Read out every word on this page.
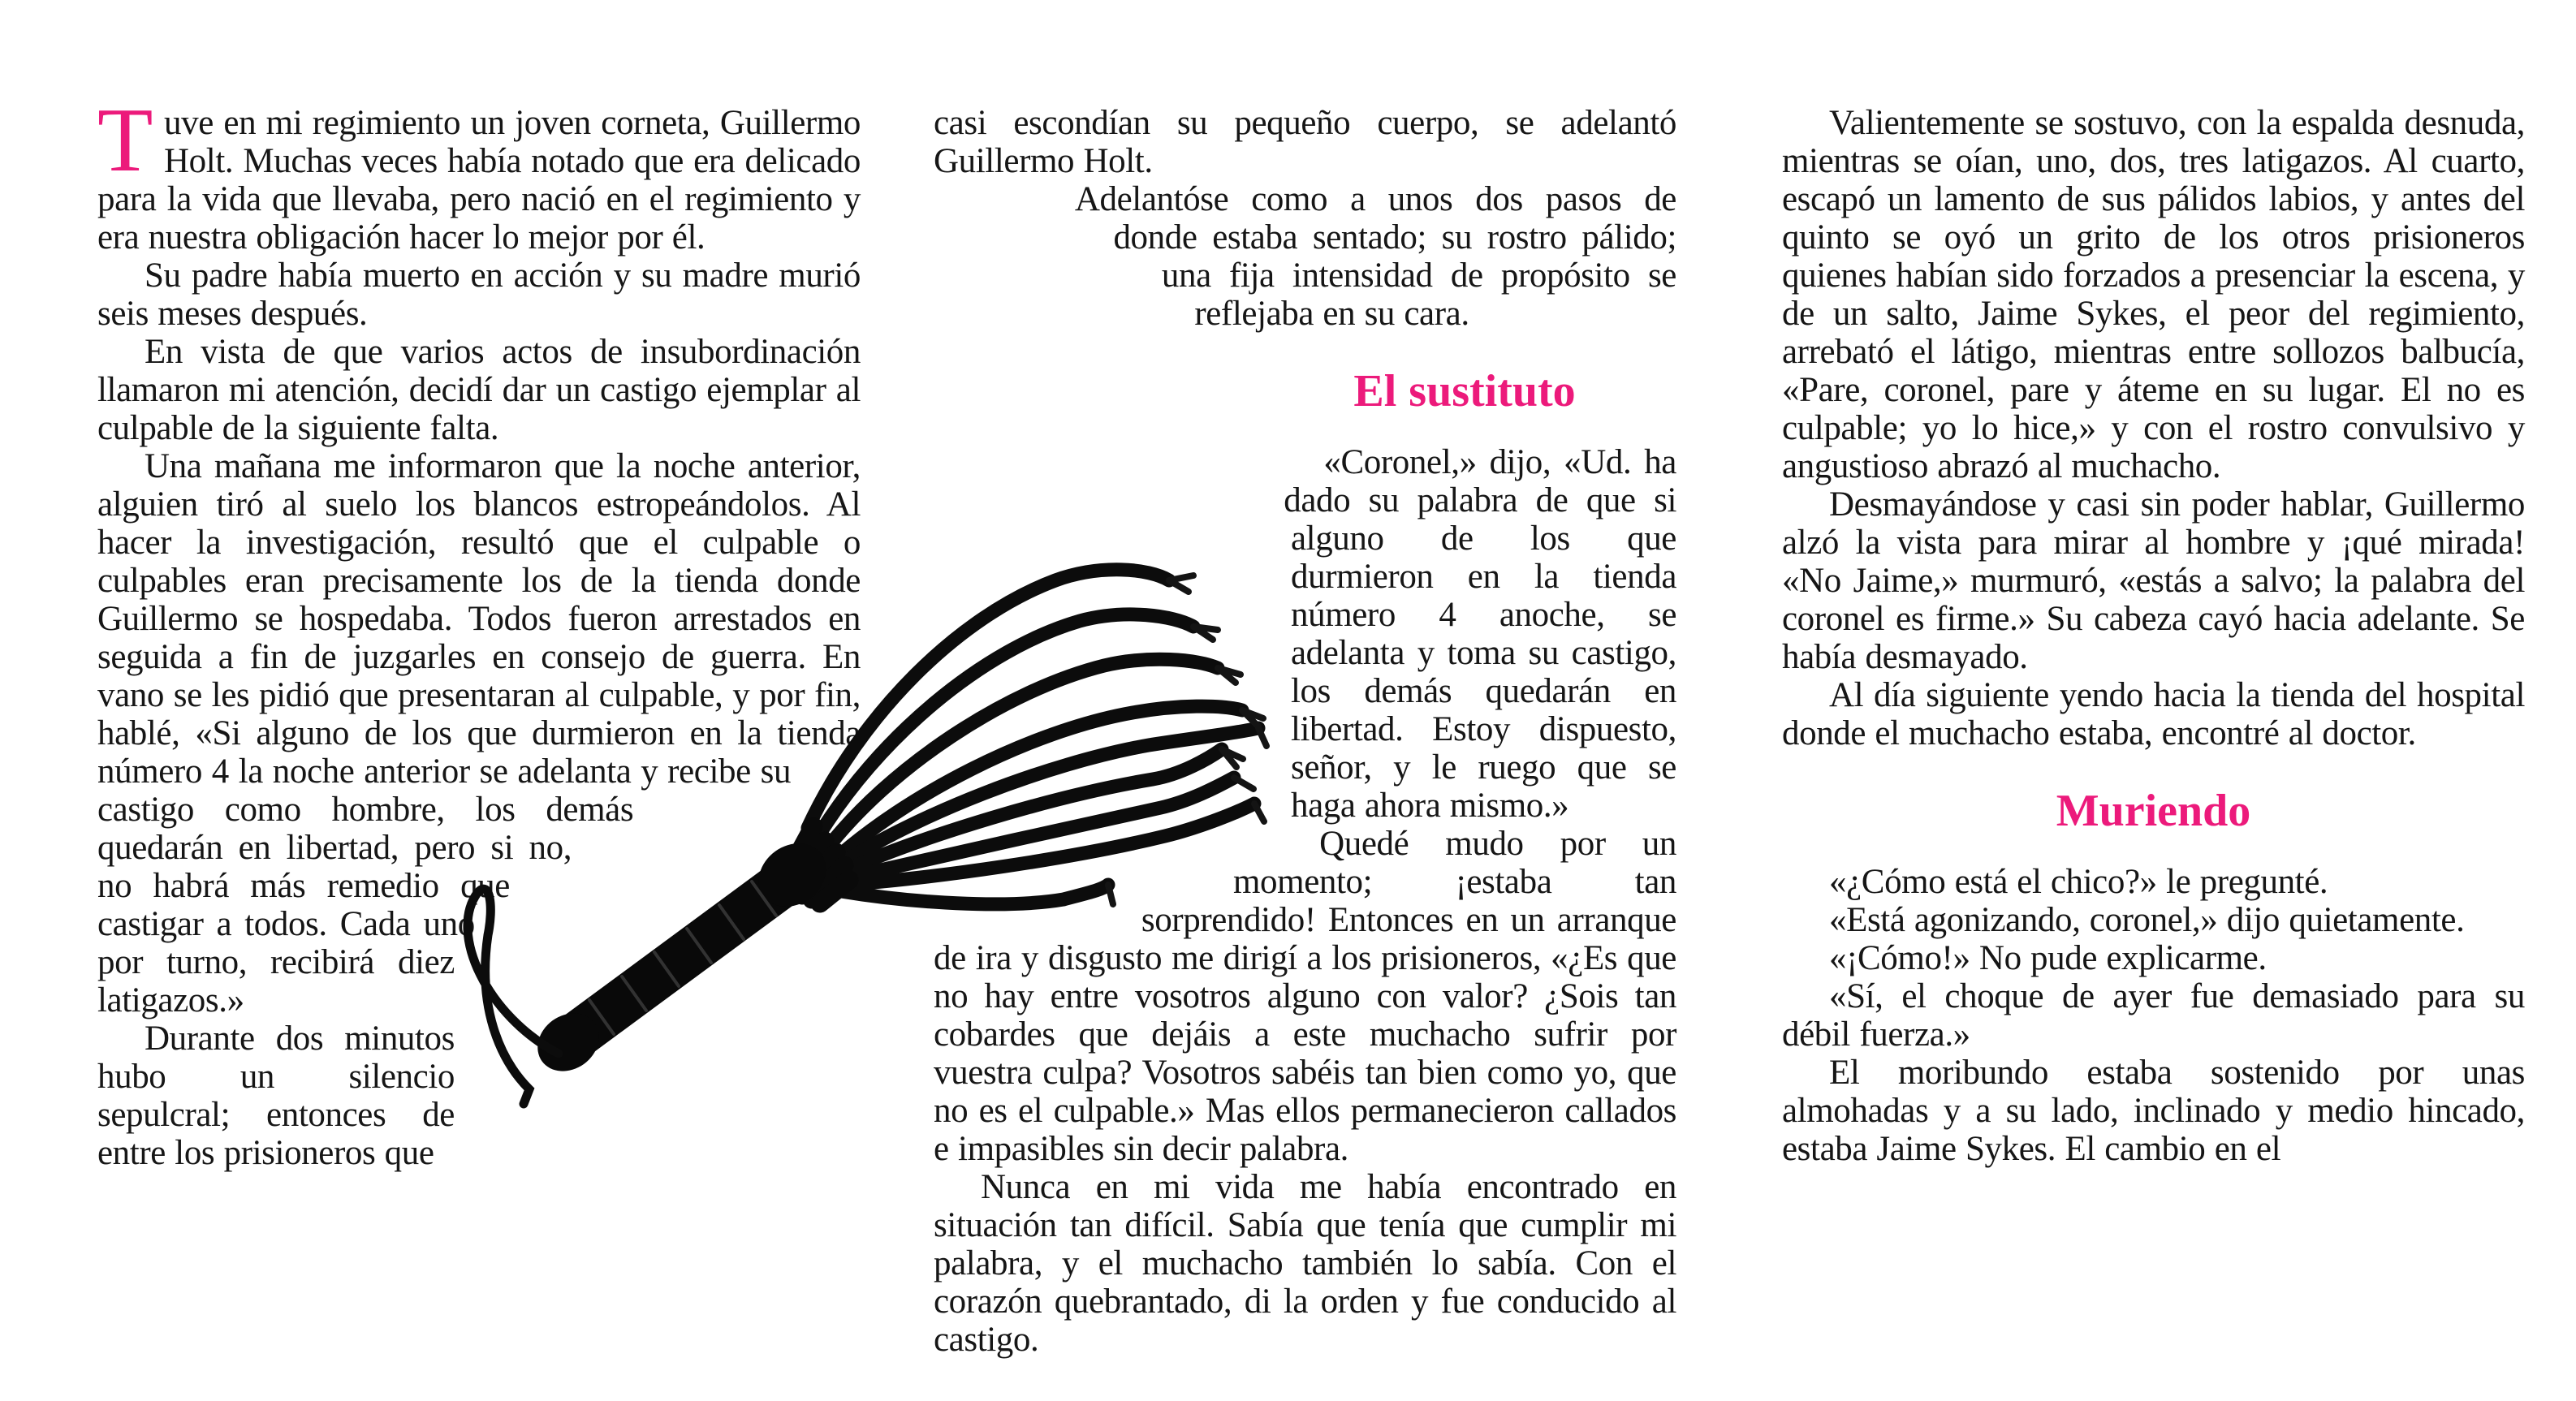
Tuve en mi regimiento un joven corneta, Guillermo Holt. Muchas veces había notado que era delicado para la vida que llevaba, pero nació en el regimiento y era nuestra obligación hacer lo mejor por él.

Su padre había muerto en acción y su madre murió seis meses después.

En vista de que varios actos de insubordinación llamaron mi atención, decidí dar un castigo ejemplar al culpable de la siguiente falta.

Una mañana me informaron que la noche anterior, alguien tiró al suelo los blancos estropeándolos. Al hacer la investigación, resultó que el culpable o culpables eran precisamente los de la tienda donde Guillermo se hospedaba. Todos fueron arrestados en seguida a fin de juzgarles en consejo de guerra. En vano se les pidió que presentaran al culpable, y por fin, hablé, «Si alguno de los que durmieron en la tienda número 4 la noche anterior se adelanta y recibe su castigo como hombre, los demás quedarán en libertad, pero si no, no habrá más remedio que castigar a todos. Cada uno por turno, recibirá diez latigazos.»

Durante dos minutos hubo un silencio sepulcral; entonces de entre los prisioneros que

casi escondían su pequeño cuerpo, se adelantó Guillermo Holt.

Adelantóse como a unos dos pasos de donde estaba sentado; su rostro pálido; una fija intensidad de propósito se reflejaba en su cara.

El sustituto

«Coronel,» dijo, «Ud. ha dado su palabra de que si alguno de los que durmieron en la tienda número 4 anoche, se adelanta y toma su castigo, los demás quedarán en libertad. Estoy dispuesto, señor, y le ruego que se haga ahora mismo.»

Quedé mudo por un momento; ¡estaba tan sorprendido! Entonces en un arranque de ira y disgusto me dirigí a los prisioneros, «¿Es que no hay entre vosotros alguno con valor? ¿Sois tan cobardes que dejáis a este muchacho sufrir por vuestra culpa? Vosotros sabéis tan bien como yo, que no es el culpable.» Mas ellos permanecieron callados e impasibles sin decir palabra.

Nunca en mi vida me había encontrado en situación tan difícil. Sabía que tenía que cumplir mi palabra, y el muchacho también lo sabía. Con el corazón quebrantado, di la orden y fue conducido al castigo.

Valientemente se sostuvo, con la espalda desnuda, mientras se oían, uno, dos, tres latigazos. Al cuarto, escapó un lamento de sus pálidos labios, y antes del quinto se oyó un grito de los otros prisioneros quienes habían sido forzados a presenciar la escena, y de un salto, Jaime Sykes, el peor del regimiento, arrebató el látigo, mientras entre sollozos balbucía, «Pare, coronel, pare y áteme en su lugar. El no es culpable; yo lo hice,» y con el rostro convulsivo y angustioso abrazó al muchacho.

Desmayándose y casi sin poder hablar, Guillermo alzó la vista para mirar al hombre y ¡qué mirada! «No Jaime,» murmuró, «estás a salvo; la palabra del coronel es firme.» Su cabeza cayó hacia adelante. Se había desmayado.

Al día siguiente yendo hacia la tienda del hospital donde el muchacho estaba, encontré al doctor.

Muriendo

«¿Cómo está el chico?» le pregunté.

«Está agonizando, coronel,» dijo quietamente.

«¡Cómo!» No pude explicarme.

«Sí, el choque de ayer fue demasiado para su débil fuerza.»

El moribundo estaba sostenido por unas almohadas y a su lado, inclinado y medio hincado, estaba Jaime Sykes. El cambio en el
